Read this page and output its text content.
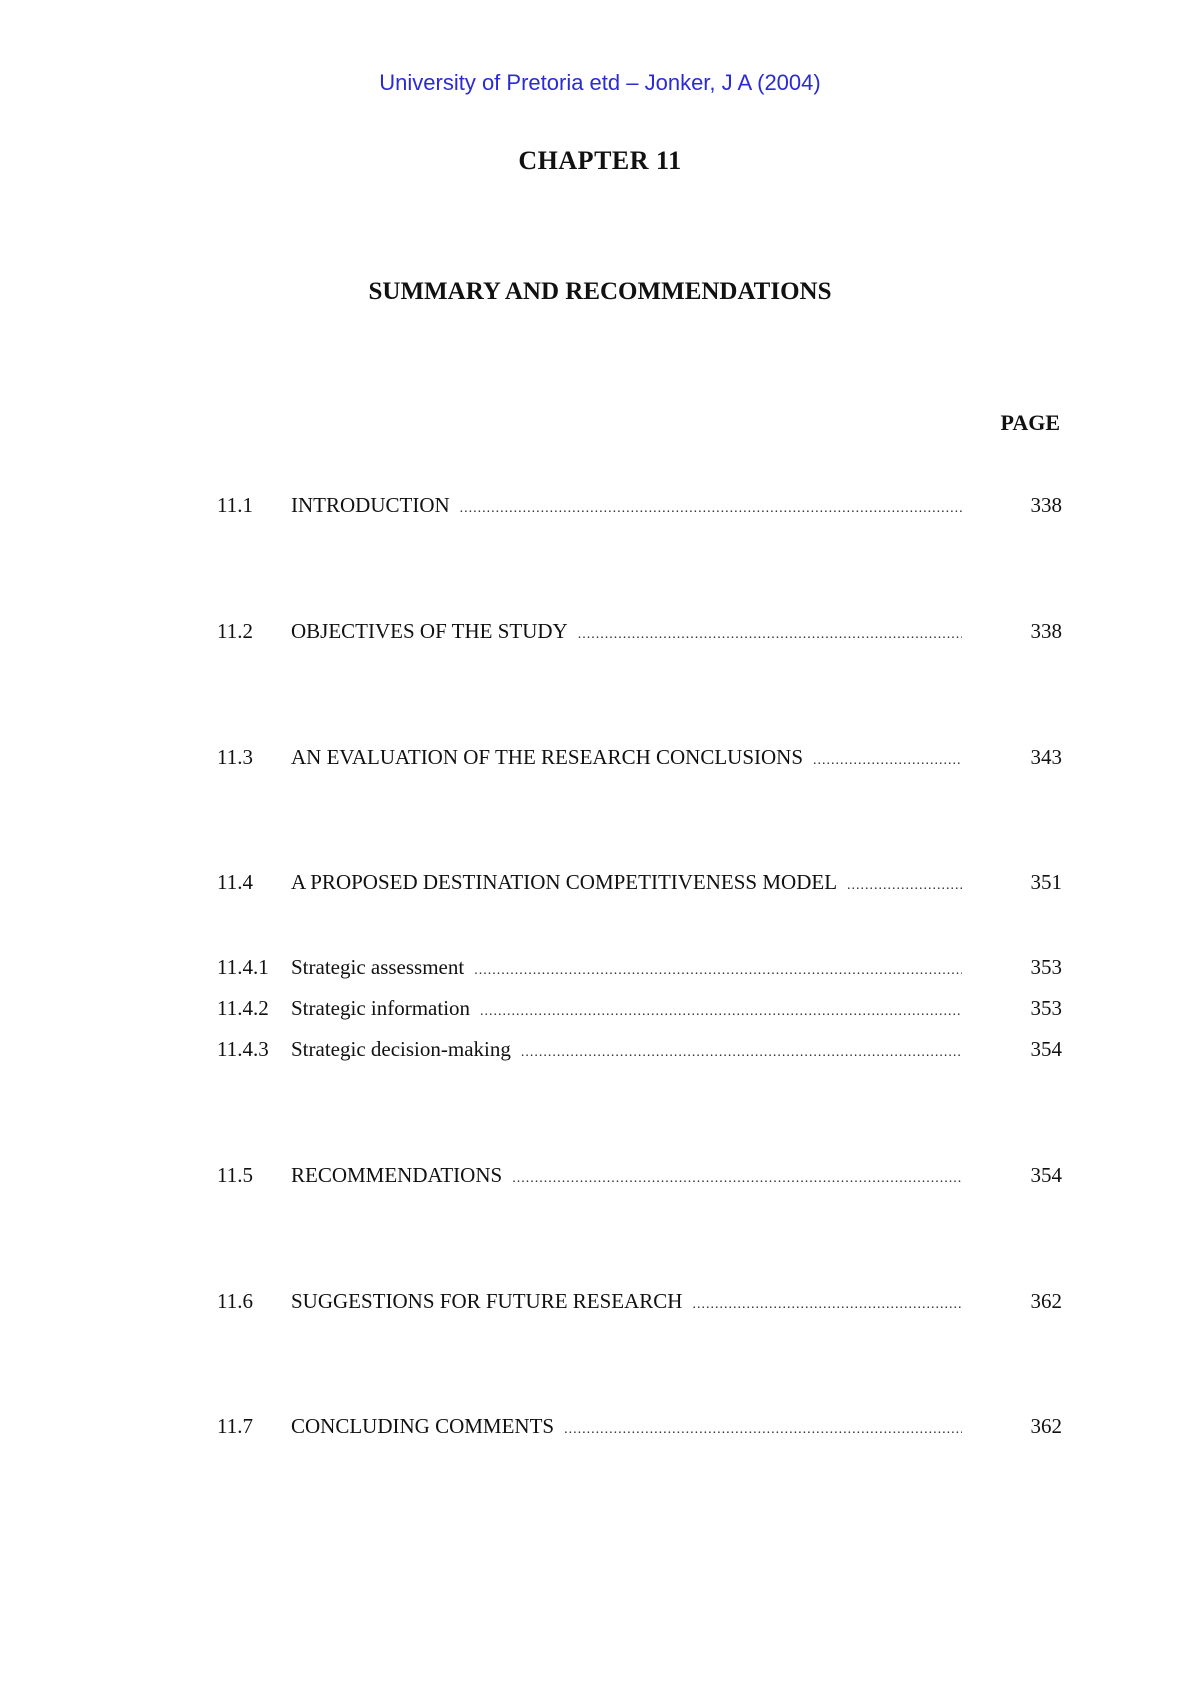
University of Pretoria etd – Jonker, J A (2004)
CHAPTER 11
SUMMARY AND RECOMMENDATIONS
PAGE
11.1	INTRODUCTION .....	338
11.2	OBJECTIVES OF THE STUDY .....	338
11.3	AN EVALUATION OF THE RESEARCH CONCLUSIONS .....	343
11.4	A PROPOSED DESTINATION COMPETITIVENESS MODEL .....	351
11.4.1	Strategic assessment .....	353
11.4.2	Strategic information .....	353
11.4.3	Strategic decision-making .....	354
11.5	RECOMMENDATIONS .....	354
11.6	SUGGESTIONS FOR FUTURE RESEARCH .....	362
11.7	CONCLUDING COMMENTS .....	362
